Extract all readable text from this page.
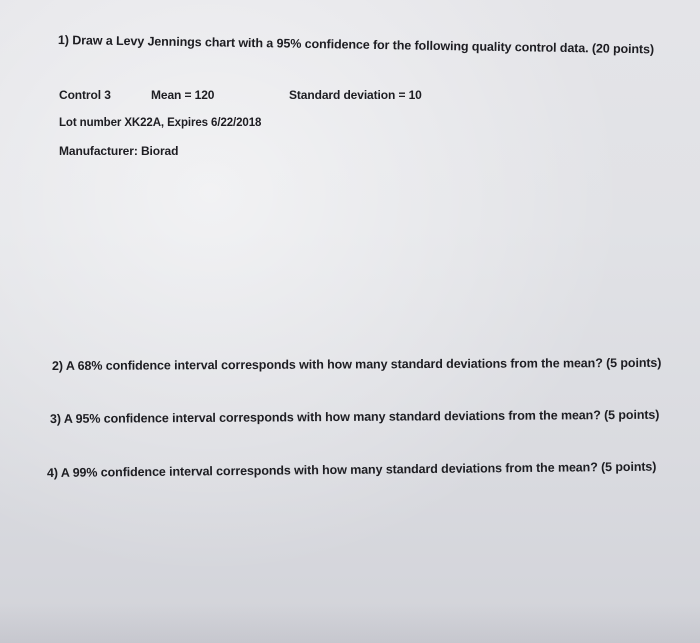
1) Draw a Levy Jennings chart with a 95% confidence for the following quality control data. (20 points)
Control 3	Mean = 120	Standard deviation = 10
Lot number XK22A, Expires 6/22/2018
Manufacturer: Biorad
2) A 68% confidence interval corresponds with how many standard deviations from the mean? (5 points)
3) A 95% confidence interval corresponds with how many standard deviations from the mean? (5 points)
4) A 99% confidence interval corresponds with how many standard deviations from the mean? (5 points)
